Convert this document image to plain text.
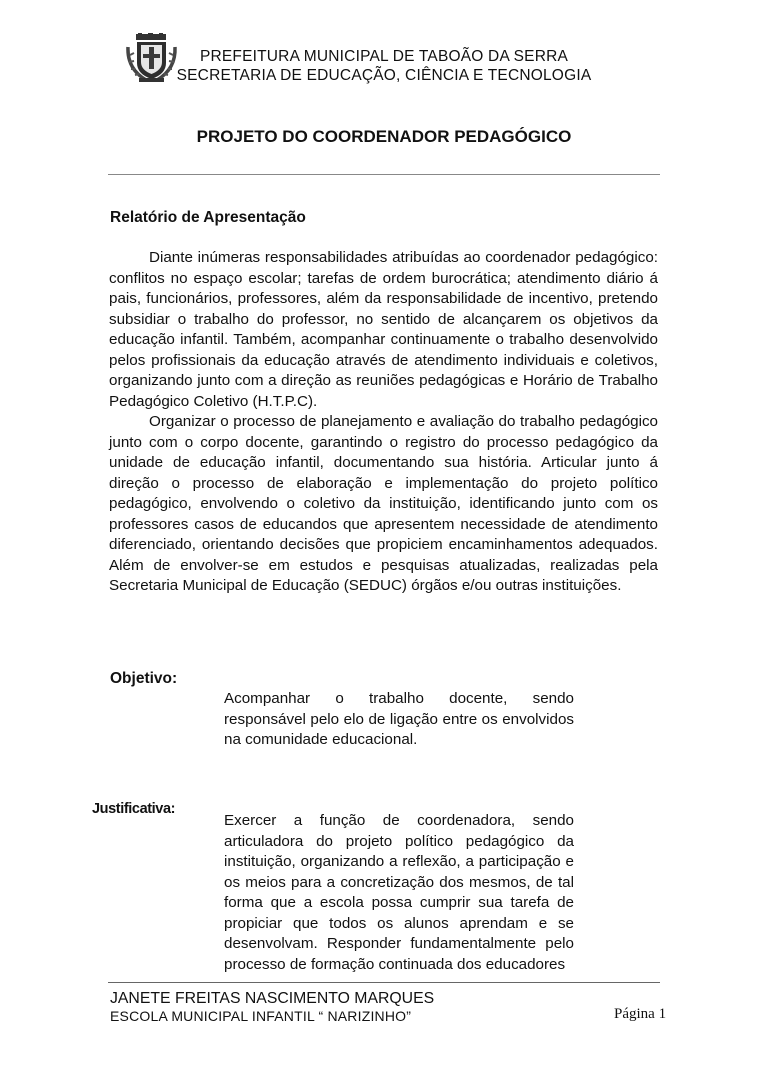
PREFEITURA MUNICIPAL DE TABOÃO DA SERRA
SECRETARIA DE EDUCAÇÃO, CIÊNCIA E TECNOLOGIA
PROJETO DO COORDENADOR PEDAGÓGICO
Relatório de Apresentação

Diante inúmeras responsabilidades atribuídas ao coordenador pedagógico: conflitos no espaço escolar; tarefas de ordem burocrática; atendimento diário á pais, funcionários, professores, além da responsabilidade de incentivo, pretendo subsidiar o trabalho do professor, no sentido de alcançarem os objetivos da educação infantil. Também, acompanhar continuamente o trabalho desenvolvido pelos profissionais da educação através de atendimento individuais e coletivos, organizando junto com a direção as reuniões pedagógicas e Horário de Trabalho Pedagógico Coletivo (H.T.P.C).

Organizar o processo de planejamento e avaliação do trabalho pedagógico junto com o corpo docente, garantindo o registro do processo pedagógico da unidade de educação infantil, documentando sua história. Articular junto á direção o processo de elaboração e implementação do projeto político pedagógico, envolvendo o coletivo da instituição, identificando junto com os professores casos de educandos que apresentem necessidade de atendimento diferenciado, orientando decisões que propiciem encaminhamentos adequados. Além de envolver-se em estudos e pesquisas atualizadas, realizadas pela Secretaria Municipal de Educação (SEDUC) órgãos e/ou outras instituições.

Objetivo:
Acompanhar o trabalho docente, sendo responsável pelo elo de ligação entre os envolvidos na comunidade educacional.
Justificativa:
Exercer a função de coordenadora, sendo articuladora do projeto político pedagógico da instituição, organizando a reflexão, a participação e os meios para a concretização dos mesmos, de tal forma que a escola possa cumprir sua tarefa de propiciar que todos os alunos aprendam e se desenvolvam. Responder fundamentalmente pelo processo de formação continuada dos educadores
JANETE FREITAS NASCIMENTO MARQUES
ESCOLA MUNICIPAL INFANTIL “ NARIZINHO”	Página 1
